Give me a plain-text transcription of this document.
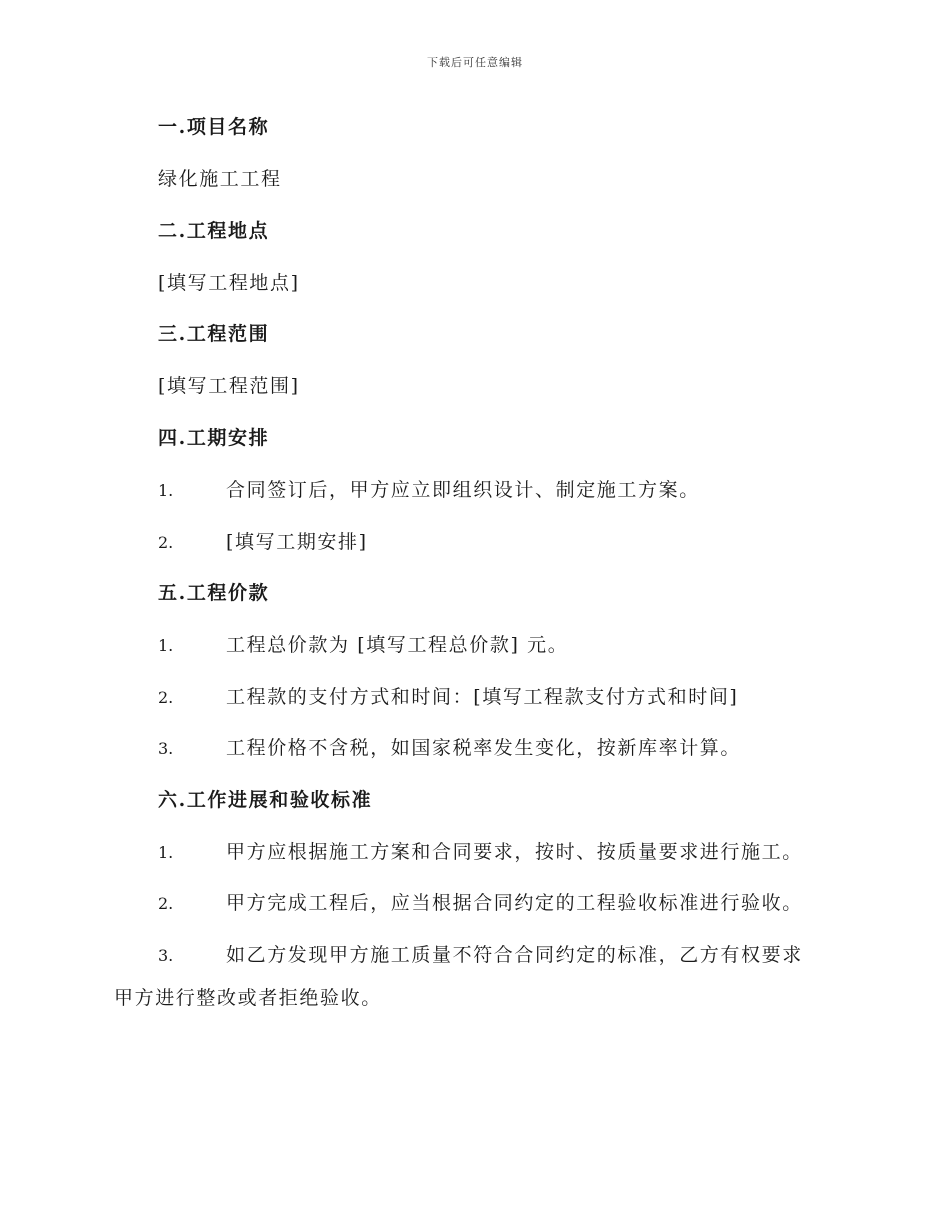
下载后可任意编辑
一.项目名称
绿化施工工程
二.工程地点
[填写工程地点]
三.工程范围
[填写工程范围]
四.工期安排
1.	合同签订后，甲方应立即组织设计、制定施工方案。
2.	[填写工期安排]
五.工程价款
1.	工程总价款为 [填写工程总价款] 元。
2.	工程款的支付方式和时间：[填写工程款支付方式和时间]
3.	工程价格不含税，如国家税率发生变化，按新库率计算。
六.工作进展和验收标准
1.	甲方应根据施工方案和合同要求，按时、按质量要求进行施工。
2.	甲方完成工程后，应当根据合同约定的工程验收标准进行验收。
3.	如乙方发现甲方施工质量不符合合同约定的标准，乙方有权要求
甲方进行整改或者拒绝验收。
